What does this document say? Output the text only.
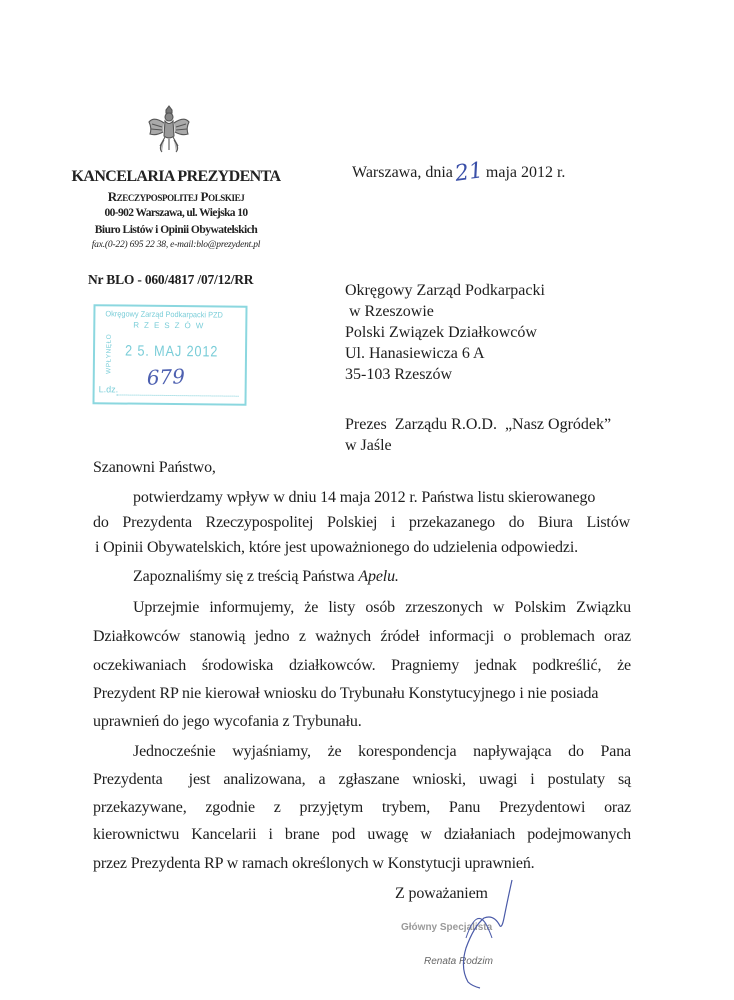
KANCELARIA PREZYDENTA
Rzeczypospolitej Polskiej
00-902 Warszawa, ul. Wiejska 10
Biuro Listów i Opinii Obywatelskich
fax.(0-22) 695 22 38, e-mail:blo@prezydent.pl
Nr BLO - 060/4817 /07/12/RR
Okręgowy Zarząd Podkarpacki PZD
RZESZÓW
WPŁYNĘŁO 2 5. MAJ 2012
679
L.dz.
Warszawa, dnia21maja 2012 r.
Okręgowy Zarząd Podkarpacki
w Rzeszowie
Polski Związek Działkowców
Ul. Hanasiewicza 6 A
35-103 Rzeszów
Prezes  Zarządu R.O.D.  „Nasz Ogródek”
w Jaśle
Szanowni Państwo,
potwierdzamy wpływ w dniu 14 maja 2012 r. Państwa listu skierowanego
do Prezydenta Rzeczypospolitej Polskiej i przekazanego do Biura Listów
i Opinii Obywatelskich, które jest upoważnionego do udzielenia odpowiedzi.
Zapoznaliśmy się z treścią Państwa Apelu.
Uprzejmie informujemy, że listy osób zrzeszonych w Polskim Związku
Działkowców stanowią jedno z ważnych źródeł informacji o problemach oraz
oczekiwaniach środowiska działkowców. Pragniemy jednak podkreślić, że
Prezydent RP nie kierował wniosku do Trybunału Konstytucyjnego i nie posiada
uprawnień do jego wycofania z Trybunału.
Jednocześnie wyjaśniamy, że korespondencja napływająca do Pana
Prezydenta  jest analizowana, a zgłaszane wnioski, uwagi i postulaty są
przekazywane, zgodnie z przyjętym trybem, Panu Prezydentowi oraz
kierownictwu Kancelarii i brane pod uwagę w działaniach podejmowanych
przez Prezydenta RP w ramach określonych w Konstytucji uprawnień.
Z poważaniem
Główny Specjalista
Renata Rodzim
